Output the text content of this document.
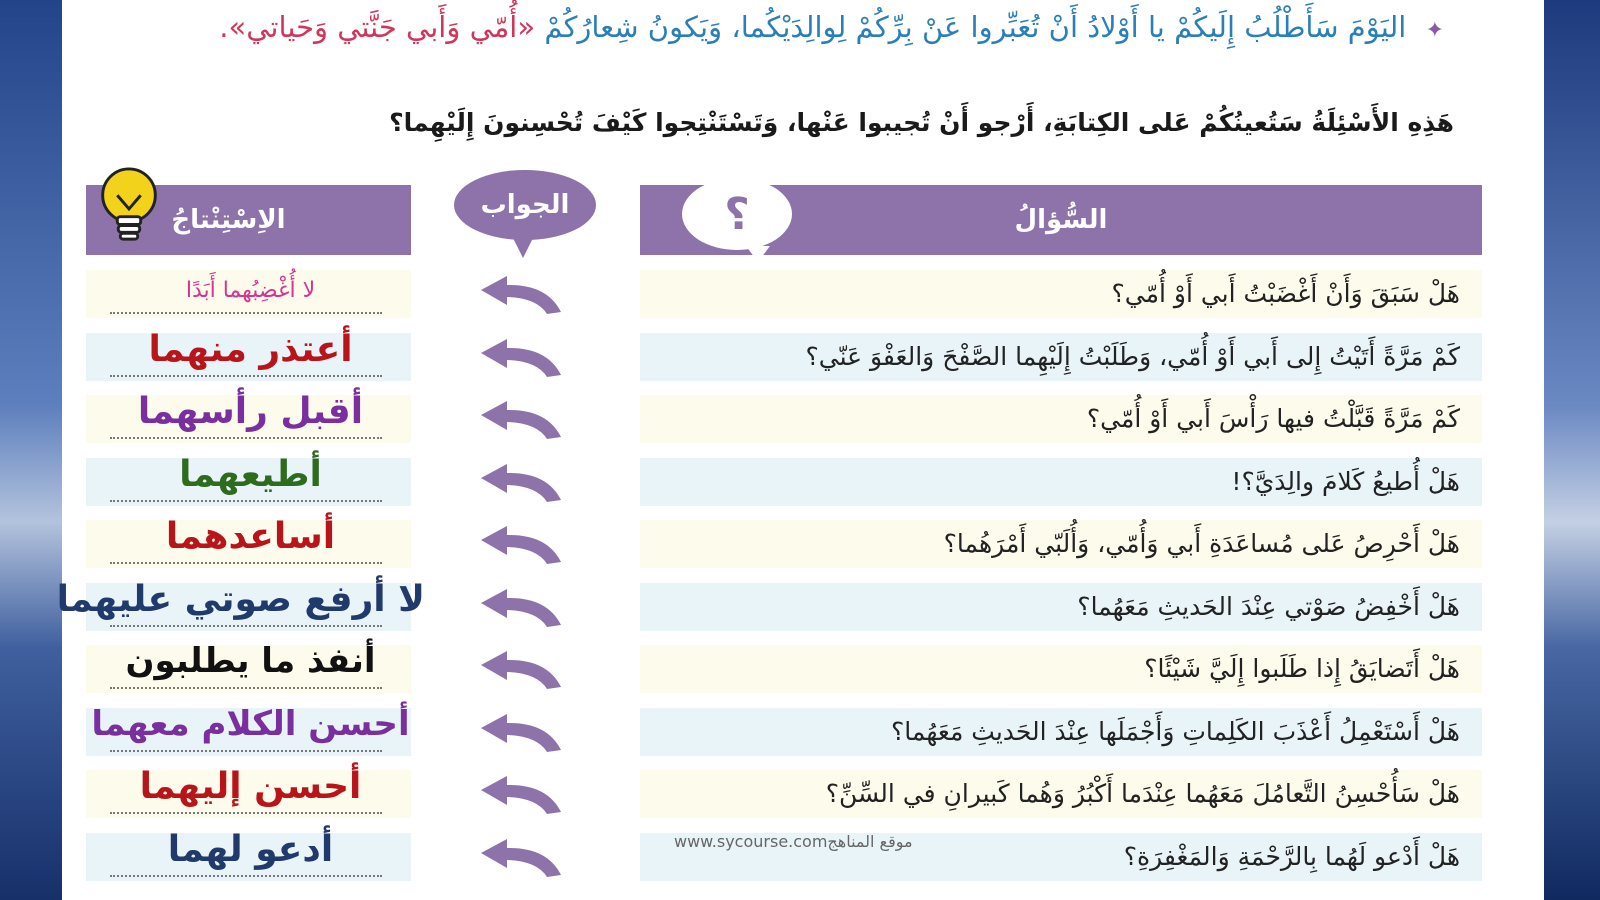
✦ اليَوْمَ سَأَطْلُبُ إِلَيكُمْ يا أَوْلادُ أَنْ تُعَبِّروا عَنْ بِرِّكُمْ لِوالِدَيْكُما، وَيَكونُ شِعارُكُمْ «أُمّي وَأَبي جَنَّتي وَحَياتي».
هَذِهِ الأَسْئِلَةُ سَتُعينُكُمْ عَلى الكِتابَةِ، أَرْجو أَنْ تُجيبوا عَنْها، وَتَسْتَنْتِجوا كَيْفَ تُحْسِنونَ إِلَيْهِما؟
السُّؤالُ
؟
الجواب
الاِسْتِنْتاجُ
هَلْ سَبَقَ وَأَنْ أَغْضَبْتُ أَبي أَوْ أُمّي؟
لا أُغْضِبُهما أَبَدًا
كَمْ مَرَّةً أَتَيْتُ إِلى أَبي أَوْ أُمّي، وَطَلَبْتُ إِلَيْهِما الصَّفْحَ وَالعَفْوَ عَنّي؟
أعتذر منهما
كَمْ مَرَّةً قَبَّلْتُ فيها رَأْسَ أَبي أَوْ أُمّي؟
أقبل رأسهما
هَلْ أُطيعُ كَلامَ والِدَيَّ؟!
أطيعهما
هَلْ أَحْرِصُ عَلى مُساعَدَةِ أَبي وَأُمّي، وَأُلَبّي أَمْرَهُما؟
أساعدهما
هَلْ أَخْفِضُ صَوْتي عِنْدَ الحَديثِ مَعَهُما؟
لا أرفع صوتي عليهما
هَلْ أَتَضايَقُ إِذا طَلَبوا إِلَيَّ شَيْئًا؟
أنفذ ما يطلبون
هَلْ أَسْتَعْمِلُ أَعْذَبَ الكَلِماتِ وَأَجْمَلَها عِنْدَ الحَديثِ مَعَهُما؟
أحسن الكلام معهما
هَلْ سَأُحْسِنُ التَّعامُلَ مَعَهُما عِنْدَما أَكْبُرُ وَهُما كَبيرانِ في السِّنِّ؟
أحسن إليهما
هَلْ أَدْعو لَهُما بِالرَّحْمَةِ وَالمَغْفِرَةِ؟
أدعو لهما	موقع المناهجwww.sycourse.com
